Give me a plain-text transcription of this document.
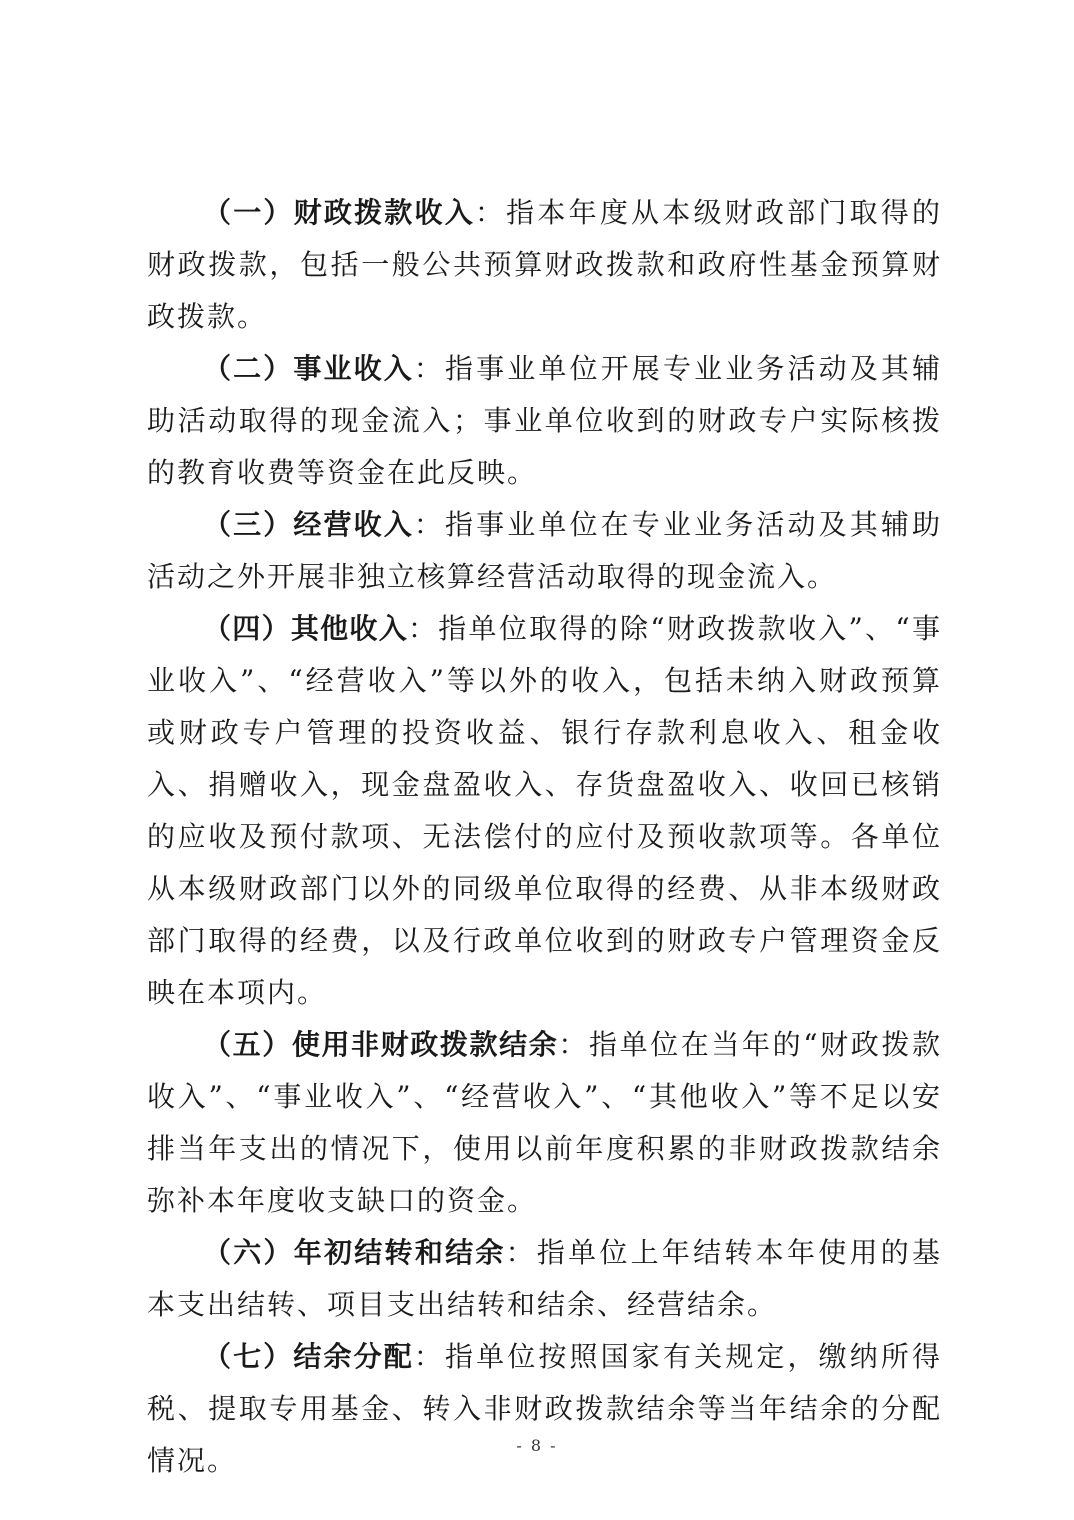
（一）财政拨款收入：指本年度从本级财政部门取得的财政拨款，包括一般公共预算财政拨款和政府性基金预算财政拨款。

（二）事业收入：指事业单位开展专业业务活动及其辅助活动取得的现金流入；事业单位收到的财政专户实际核拨的教育收费等资金在此反映。

（三）经营收入：指事业单位在专业业务活动及其辅助活动之外开展非独立核算经营活动取得的现金流入。

（四）其他收入：指单位取得的除“财政拨款收入”、“事业收入”、“经营收入”等以外的收入，包括未纳入财政预算或财政专户管理的投资收益、银行存款利息收入、租金收入、捐赠收入，现金盘盈收入、存货盘盈收入、收回已核销的应收及预付款项、无法偿付的应付及预收款项等。各单位从本级财政部门以外的同级单位取得的经费、从非本级财政部门取得的经费，以及行政单位收到的财政专户管理资金反映在本项内。

（五）使用非财政拨款结余：指单位在当年的“财政拨款收入”、“事业收入”、“经营收入”、“其他收入”等不足以安排当年支出的情况下，使用以前年度积累的非财政拨款结余弥补本年度收支缺口的资金。

（六）年初结转和结余：指单位上年结转本年使用的基本支出结转、项目支出结转和结余、经营结余。

（七）结余分配：指单位按照国家有关规定，缴纳所得税、提取专用基金、转入非财政拨款结余等当年结余的分配情况。	- 8 -
